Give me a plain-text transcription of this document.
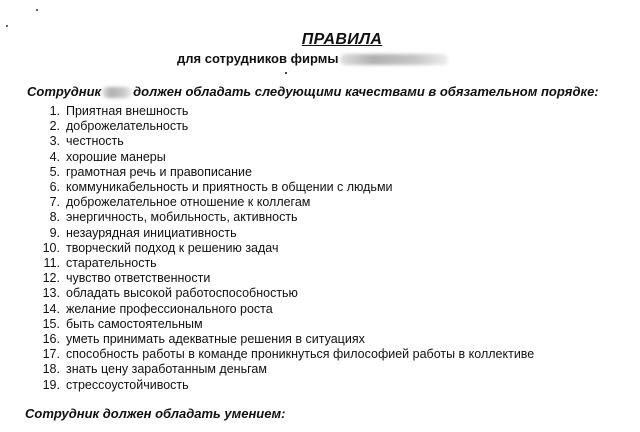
ПРАВИЛА
для сотрудников фирмы
Сотрудник должен обладать следующими качествами в обязательном порядке:
1. Приятная внешность
2. доброжелательность
3. честность
4. хорошие манеры
5. грамотная речь и правописание
6. коммуникабельность и приятность в общении с людьми
7. доброжелательное отношение к коллегам
8. энергичность, мобильность, активность
9. незаурядная инициативность
10. творческий подход к решению задач
11. старательность
12. чувство ответственности
13. обладать высокой работоспособностью
14. желание профессионального роста
15. быть самостоятельным
16. уметь принимать адекватные решения в ситуациях
17. способность работы в команде проникнуться философией работы в коллективе
18. знать цену заработанным деньгам
19. стрессоустойчивость
Сотрудник должен обладать умением:
